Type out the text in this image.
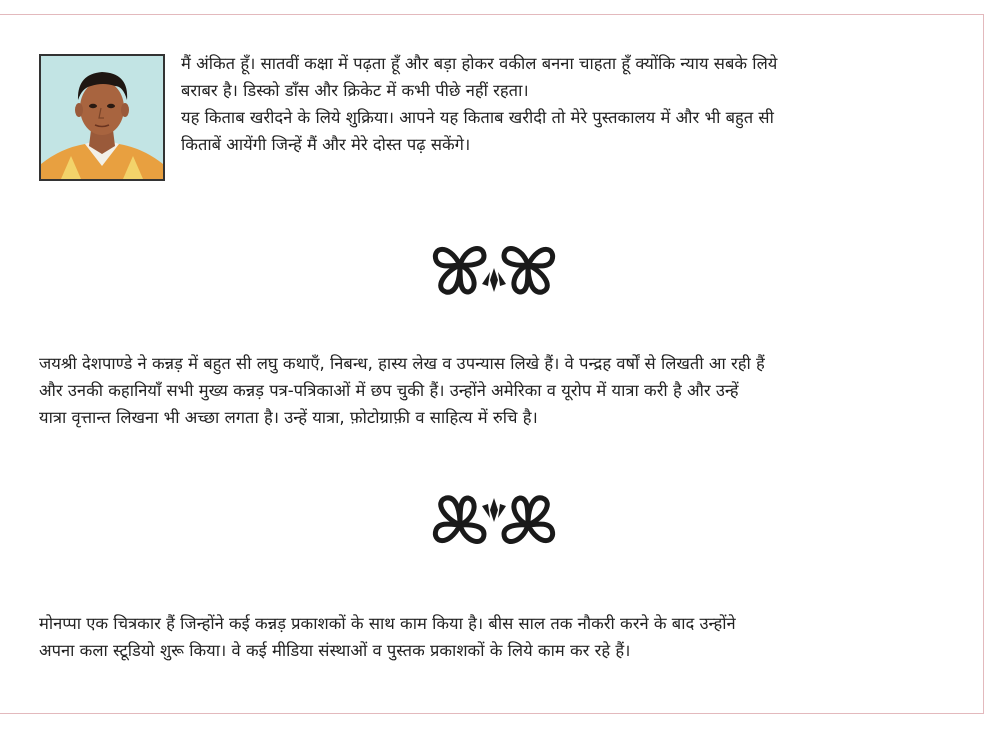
मैं अंकित हूँ। सातवीं कक्षा में पढ़ता हूँ और बड़ा होकर वकील बनना चाहता हूँ क्योंकि न्याय सबके लिये
बराबर है। डिस्को डाँस और क्रिकेट में कभी पीछे नहीं रहता।
यह किताब खरीदने के लिये शुक्रिया। आपने यह किताब खरीदी तो मेरे पुस्तकालय में और भी बहुत सी
किताबें आयेंगी जिन्हें मैं और मेरे दोस्त पढ़ सकेंगे।
जयश्री देशपाण्डे ने कन्नड़ में बहुत सी लघु कथाएँ, निबन्ध, हास्य लेख व उपन्यास लिखे हैं। वे पन्द्रह वर्षों से लिखती आ रही हैं
और उनकी कहानियाँ सभी मुख्य कन्नड़ पत्र-पत्रिकाओं में छप चुकी हैं। उन्होंने अमेरिका व यूरोप में यात्रा करी है और उन्हें
यात्रा वृत्तान्त लिखना भी अच्छा लगता है। उन्हें यात्रा, फ़ोटोग्राफ़ी व साहित्य में रुचि है।
मोनप्पा एक चित्रकार हैं जिन्होंने कई कन्नड़ प्रकाशकों के साथ काम किया है। बीस साल तक नौकरी करने के बाद उन्होंने
अपना कला स्टूडियो शुरू किया। वे कई मीडिया संस्थाओं व पुस्तक प्रकाशकों के लिये काम कर रहे हैं।
